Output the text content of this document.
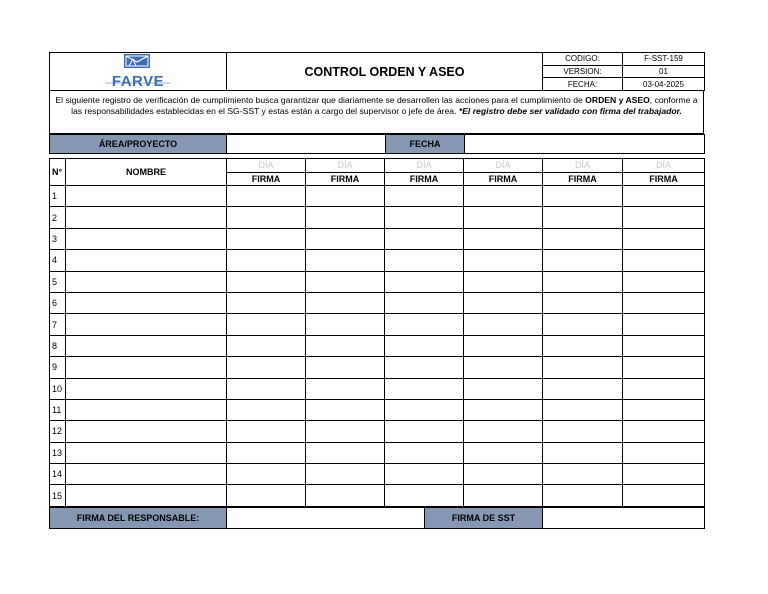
FARVE	CONTROL ORDEN Y ASEO	CODIGO:	F-SST-159
		VERSION:	01
		FECHA:	03-04-2025
El siguiente registro de verificación de cumplimiento busca garantizar que diariamente se desarrollen las acciones para el cumplimiento de ORDEN y ASEO, conforme a las responsabilidades establecidas en el SG-SST y estas están a cargo del supervisor o jefe de área. *El registro debe ser validado con firma del trabajador.
ÁREA/PROYECTO		FECHA	
N°	NOMBRE	DÍA	DÍA	DÍA	DÍA	DÍA	DÍA
		FIRMA	FIRMA	FIRMA	FIRMA	FIRMA	FIRMA
1							
2							
3							
4							
5							
6							
7							
8							
9							
10							
11							
12							
13							
14							
15							
FIRMA DEL RESPONSABLE:		FIRMA DE SST	
